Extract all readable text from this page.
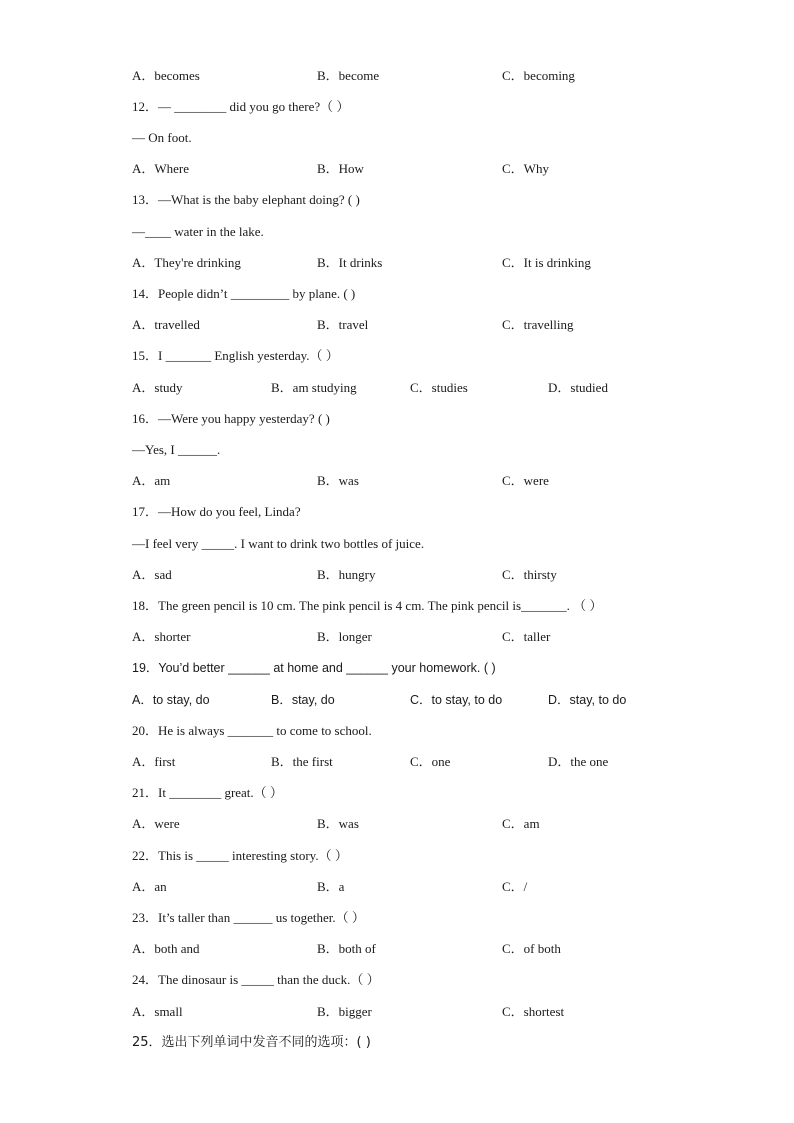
A．becomes	B．become	C．becoming
12．— ________ did you go there?（ ）
— On foot.
A．Where	B．How	C．Why
13．—What is the baby elephant doing? ( )
—____ water in the lake.
A．They're drinking	B．It drinks	C．It is drinking
14．People didn’t _________ by plane. ( )
A．travelled	B．travel	C．travelling
15．I _______ English yesterday.（ ）
A．study	B．am studying	C．studies	D．studied
16．—Were you happy yesterday? ( )
—Yes, I ______.
A．am	B．was	C．were
17．—How do you feel, Linda?
—I feel very _____. I want to drink two bottles of juice.
A．sad	B．hungry	C．thirsty
18．The green pencil is 10 cm. The pink pencil is 4 cm. The pink pencil is_______. （ ）
A．shorter	B．longer	C．taller
19．You’d better ______ at home and ______ your homework. ( )
A．to stay, do	B．stay, do	C．to stay, to do	D．stay, to do
20．He is always _______ to come to school.
A．first	B．the first	C．one	D．the one
21．It ________ great.（ ）
A．were	B．was	C．am
22．This is _____ interesting story.（ ）
A．an	B．a	C．/
23．It’s taller than ______ us together.（ ）
A．both and	B．both of	C．of both
24．The dinosaur is _____ than the duck.（ ）
A．small	B．bigger	C．shortest
25．选出下列单词中发音不同的选项：( )
